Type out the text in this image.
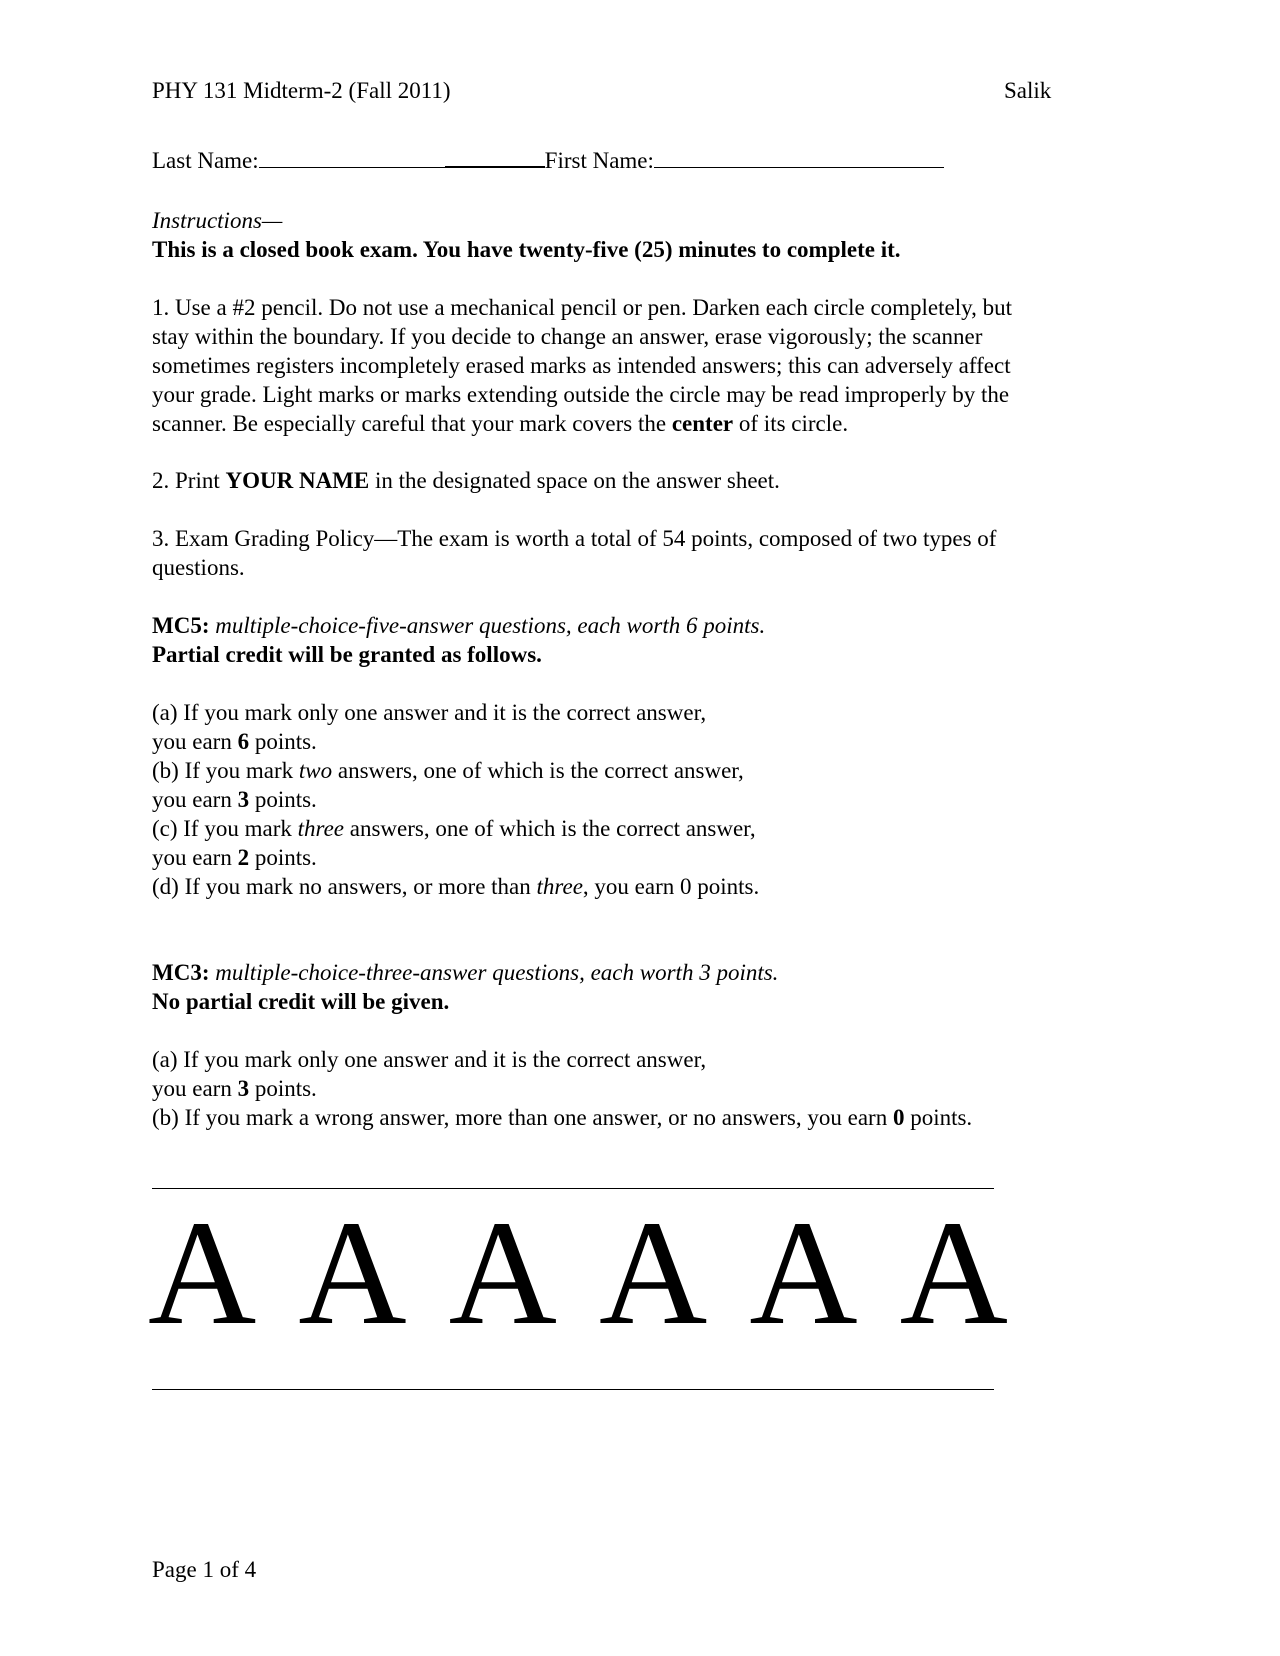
PHY 131 Midterm-2 (Fall 2011)	Salik
Last Name:	First Name:
Instructions—
This is a closed book exam. You have twenty-five (25) minutes to complete it.
1. Use a #2 pencil. Do not use a mechanical pencil or pen. Darken each circle completely, but
stay within the boundary. If you decide to change an answer, erase vigorously; the scanner
sometimes registers incompletely erased marks as intended answers; this can adversely affect
your grade. Light marks or marks extending outside the circle may be read improperly by the
scanner. Be especially careful that your mark covers the center of its circle.
2. Print YOUR NAME in the designated space on the answer sheet.
3. Exam Grading Policy—The exam is worth a total of 54 points, composed of two types of
questions.
MC5: multiple-choice-five-answer questions, each worth 6 points.
Partial credit will be granted as follows.
(a) If you mark only one answer and it is the correct answer,
you earn 6 points.
(b) If you mark two answers, one of which is the correct answer,
you earn 3 points.
(c) If you mark three answers, one of which is the correct answer,
you earn 2 points.
(d) If you mark no answers, or more than three, you earn 0 points.
MC3: multiple-choice-three-answer questions, each worth 3 points.
No partial credit will be given.
(a) If you mark only one answer and it is the correct answer,
you earn 3 points.
(b) If you mark a wrong answer, more than one answer, or no answers, you earn 0 points.
A A A A A A
Page 1 of 4
